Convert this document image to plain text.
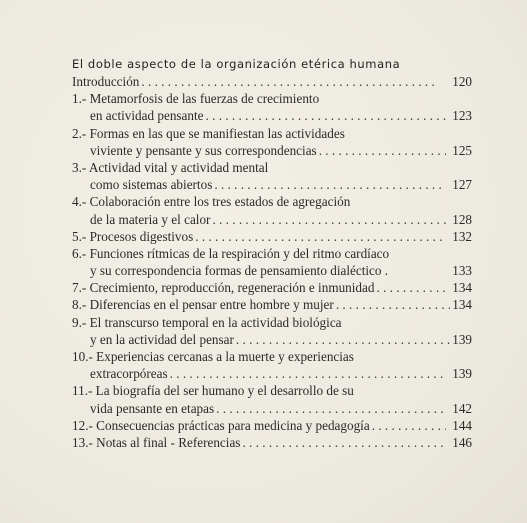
El doble aspecto de la organización etérica humana
Introducción . . .	120
1.- Metamorfosis de las fuerzas de crecimiento
en actividad pensante . . .	123
2.- Formas en las que se manifiestan las actividades
viviente y pensante y sus correspondencias . . .	125
3.- Actividad vital y actividad mental
como sistemas abiertos . . .	127
4.- Colaboración entre los tres estados de agregación
de la materia y el calor . . .	128
5.- Procesos digestivos . . .	132
6.- Funciones rítmicas de la respiración y del ritmo cardíaco
y su correspondencia formas de pensamiento dialéctico .	133
7.- Crecimiento, reproducción, regeneración e inmunidad . . .	134
8.- Diferencias en el pensar entre hombre y mujer . . .	134
9.- El transcurso temporal en la actividad biológica
y en la actividad del pensar . . .	139
10.- Experiencias cercanas a la muerte y experiencias
extracorpóreas . . .	139
11.- La biografía del ser humano y el desarrollo de su
vida pensante en etapas . . .	142
12.- Consecuencias prácticas para medicina y pedagogía . . .	144
13.- Notas al final - Referencias . . .	146
